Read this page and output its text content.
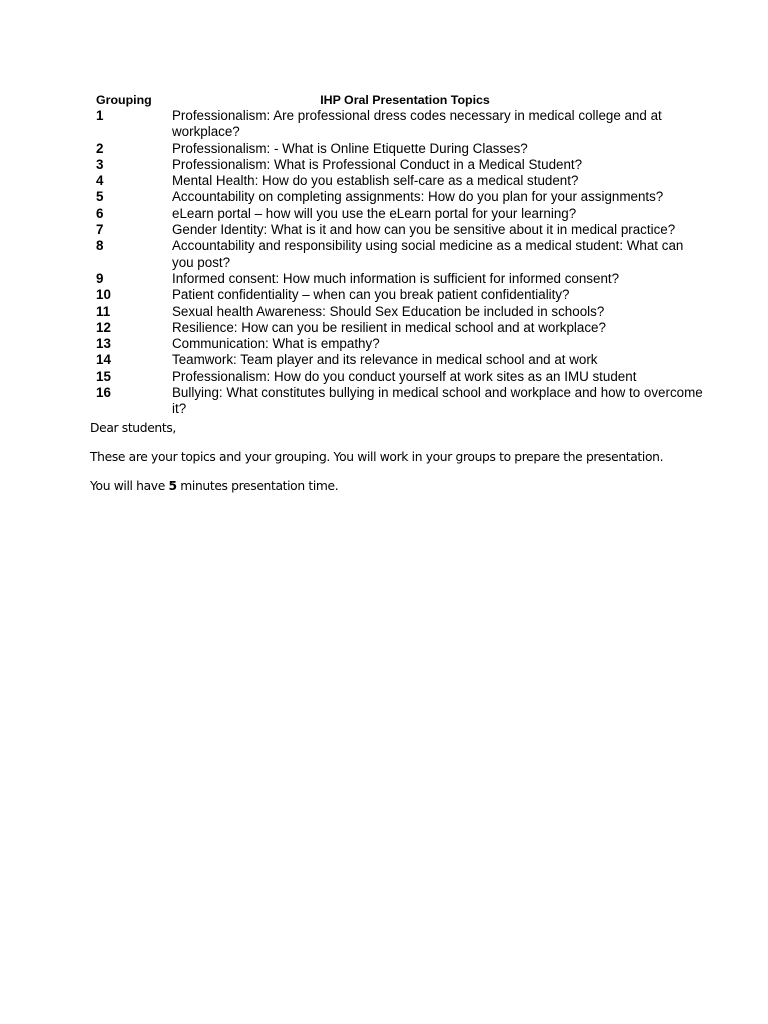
Grouping	IHP Oral Presentation Topics
1	Professionalism: Are professional dress codes necessary in medical college and at workplace?
2	Professionalism: - What is Online Etiquette During Classes?
3	Professionalism: What is Professional Conduct in a Medical Student?
4	Mental Health: How do you establish self-care as a medical student?
5	Accountability on completing assignments: How do you plan for your assignments?
6	eLearn portal – how will you use the eLearn portal for your learning?
7	Gender Identity: What is it and how can you be sensitive about it in medical practice?
8	Accountability and responsibility using social medicine as a medical student: What can you post?
9	Informed consent: How much information is sufficient for informed consent?
10	Patient confidentiality – when can you break patient confidentiality?
11	Sexual health Awareness: Should Sex Education be included in schools?
12	Resilience: How can you be resilient in medical school and at workplace?
13	Communication: What is empathy?
14	Teamwork: Team player and its relevance in medical school and at work
15	Professionalism: How do you conduct yourself at work sites as an IMU student
16	Bullying: What constitutes bullying in medical school and workplace and how to overcome it?

Dear students,

These are your topics and your grouping. You will work in your groups to prepare the presentation.

You will have 5 minutes presentation time.
